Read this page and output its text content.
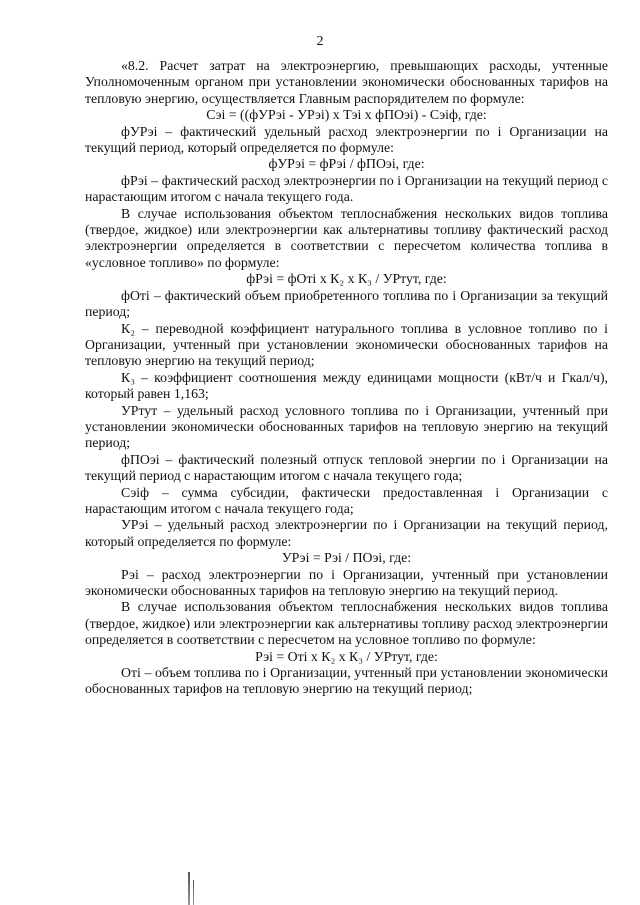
2

«8.2. Расчет затрат на электроэнергию, превышающих расходы, учтенные Уполномоченным органом при установлении экономически обоснованных тарифов на тепловую энергию, осуществляется Главным распорядителем по формуле:

Сэi = ((фУРэi - УРэi) х Тэi х фПОэi) - Сэiф, где:

фУРэi – фактический удельный расход электроэнергии по i Организации на текущий период, который определяется по формуле:

фУРэi = фРэi / фПОэi, где:

фРэi – фактический расход электроэнергии по i Организации на текущий период с нарастающим итогом с начала текущего года.

В случае использования объектом теплоснабжения нескольких видов топлива (твердое, жидкое) или электроэнергии как альтернативы топливу фактический расход электроэнергии определяется в соответствии с пересчетом количества топлива в «условное топливо» по формуле:

фРэi = фОтi х К₂ х К₃ / УРтут, где:

фОтi – фактический объем приобретенного топлива по i Организации за текущий период;

К₂ – переводной коэффициент натурального топлива в условное топливо по i Организации, учтенный при установлении экономически обоснованных тарифов на тепловую энергию на текущий период;

К₃ – коэффициент соотношения между единицами мощности (кВт/ч и Гкал/ч), который равен 1,163;

УРтут – удельный расход условного топлива по i Организации, учтенный при установлении экономически обоснованных тарифов на тепловую энергию на текущий период;

фПОэi – фактический полезный отпуск тепловой энергии по i Организации на текущий период с нарастающим итогом с начала текущего года;

Сэiф – сумма субсидии, фактически предоставленная i Организации с нарастающим итогом с начала текущего года;

УРэi – удельный расход электроэнергии по i Организации на текущий период, который определяется по формуле:

УРэi = Рэi / ПОэi, где:

Рэi – расход электроэнергии по i Организации, учтенный при установлении экономически обоснованных тарифов на тепловую энергию на текущий период.

В случае использования объектом теплоснабжения нескольких видов топлива (твердое, жидкое) или электроэнергии как альтернативы топливу расход электроэнергии определяется в соответствии с пересчетом на условное топливо по формуле:

Рэi = Отi х К₂ х К₃ / УРтут, где:

Отi – объем топлива по i Организации, учтенный при установлении экономически обоснованных тарифов на тепловую энергию на текущий период;
